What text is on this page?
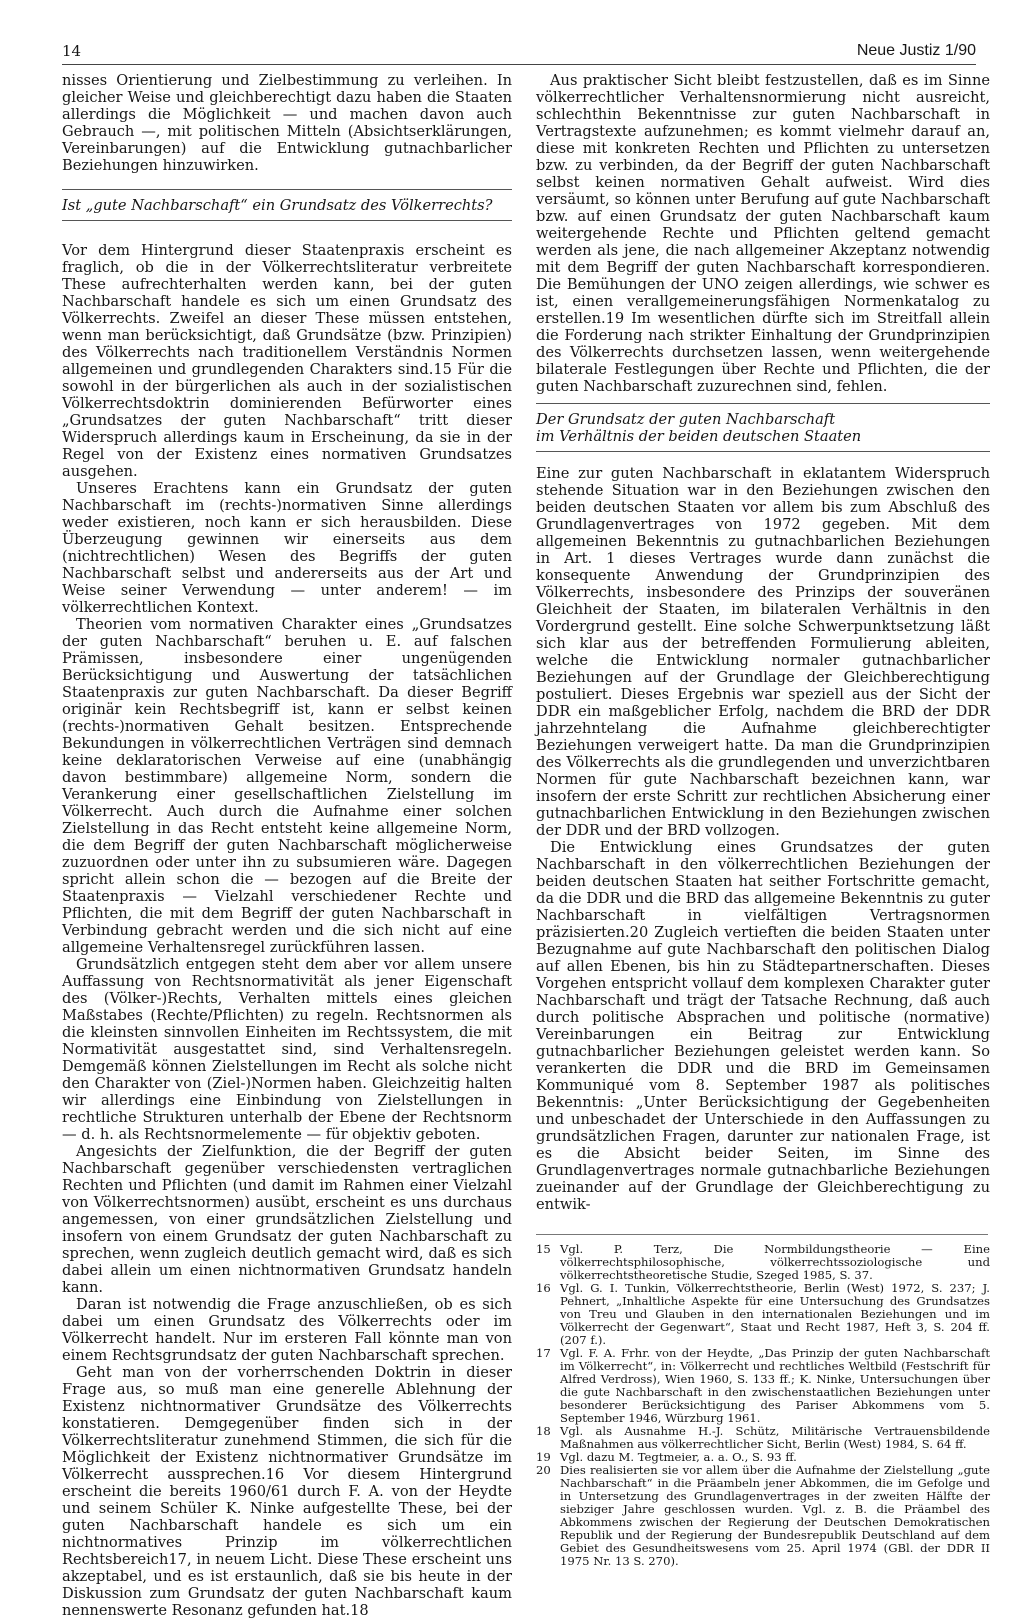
14	Neue Justiz 1/90

nisses Orientierung und Zielbestimmung zu verleihen. In gleicher Weise und gleichberechtigt dazu haben die Staaten allerdings die Möglichkeit — und machen davon auch Gebrauch —, mit politischen Mitteln (Absichtserklärungen, Vereinbarungen) auf die Entwicklung gutnachbarlicher Beziehungen hinzuwirken.

Ist „gute Nachbarschaft“ ein Grundsatz des Völkerrechts?

Vor dem Hintergrund dieser Staatenpraxis erscheint es fraglich, ob die in der Völkerrechtsliteratur verbreitete These aufrechterhalten werden kann, bei der guten Nachbarschaft handele es sich um einen Grundsatz des Völkerrechts. Zweifel an dieser These müssen entstehen, wenn man berücksichtigt, daß Grundsätze (bzw. Prinzipien) des Völkerrechts nach traditionellem Verständnis Normen allgemeinen und grundlegenden Charakters sind.15 Für die sowohl in der bürgerlichen als auch in der sozialistischen Völkerrechtsdoktrin dominierenden Befürworter eines „Grundsatzes der guten Nachbarschaft“ tritt dieser Widerspruch allerdings kaum in Erscheinung, da sie in der Regel von der Existenz eines normativen Grundsatzes ausgehen.

Unseres Erachtens kann ein Grundsatz der guten Nachbarschaft im (rechts-)normativen Sinne allerdings weder existieren, noch kann er sich herausbilden. Diese Überzeugung gewinnen wir einerseits aus dem (nichtrechtlichen) Wesen des Begriffs der guten Nachbarschaft selbst und andererseits aus der Art und Weise seiner Verwendung — unter anderem! — im völkerrechtlichen Kontext.

Theorien vom normativen Charakter eines „Grundsatzes der guten Nachbarschaft“ beruhen u. E. auf falschen Prämissen, insbesondere einer ungenügenden Berücksichtigung und Auswertung der tatsächlichen Staatenpraxis zur guten Nachbarschaft. Da dieser Begriff originär kein Rechtsbegriff ist, kann er selbst keinen (rechts-)normativen Gehalt besitzen. Entsprechende Bekundungen in völkerrechtlichen Verträgen sind demnach keine deklaratorischen Verweise auf eine (unabhängig davon bestimmbare) allgemeine Norm, sondern die Verankerung einer gesellschaftlichen Zielstellung im Völkerrecht. Auch durch die Aufnahme einer solchen Zielstellung in das Recht entsteht keine allgemeine Norm, die dem Begriff der guten Nachbarschaft möglicherweise zuzuordnen oder unter ihn zu subsumieren wäre. Dagegen spricht allein schon die — bezogen auf die Breite der Staatenpraxis — Vielzahl verschiedener Rechte und Pflichten, die mit dem Begriff der guten Nachbarschaft in Verbindung gebracht werden und die sich nicht auf eine allgemeine Verhaltensregel zurückführen lassen.

Grundsätzlich entgegen steht dem aber vor allem unsere Auffassung von Rechtsnormativität als jener Eigenschaft des (Völker-)Rechts, Verhalten mittels eines gleichen Maßstabes (Rechte/Pflichten) zu regeln. Rechtsnormen als die kleinsten sinnvollen Einheiten im Rechtssystem, die mit Normativität ausgestattet sind, sind Verhaltensregeln. Demgemäß können Zielstellungen im Recht als solche nicht den Charakter von (Ziel-)Normen haben. Gleichzeitig halten wir allerdings eine Einbindung von Zielstellungen in rechtliche Strukturen unterhalb der Ebene der Rechtsnorm — d. h. als Rechtsnormelemente — für objektiv geboten.

Angesichts der Zielfunktion, die der Begriff der guten Nachbarschaft gegenüber verschiedensten vertraglichen Rechten und Pflichten (und damit im Rahmen einer Vielzahl von Völkerrechtsnormen) ausübt, erscheint es uns durchaus angemessen, von einer grundsätzlichen Zielstellung und insofern von einem Grundsatz der guten Nachbarschaft zu sprechen, wenn zugleich deutlich gemacht wird, daß es sich dabei allein um einen nichtnormativen Grundsatz handeln kann.

Daran ist notwendig die Frage anzuschließen, ob es sich dabei um einen Grundsatz des Völkerrechts oder im Völkerrecht handelt. Nur im ersteren Fall könnte man von einem Rechtsgrundsatz der guten Nachbarschaft sprechen.

Geht man von der vorherrschenden Doktrin in dieser Frage aus, so muß man eine generelle Ablehnung der Existenz nichtnormativer Grundsätze des Völkerrechts konstatieren. Demgegenüber finden sich in der Völkerrechtsliteratur zunehmend Stimmen, die sich für die Möglichkeit der Existenz nichtnormativer Grundsätze im Völkerrecht aussprechen.16 Vor diesem Hintergrund erscheint die bereits 1960/61 durch F. A. von der Heydte und seinem Schüler K. Ninke aufgestellte These, bei der guten Nachbarschaft handele es sich um ein nichtnormatives Prinzip im völkerrechtlichen Rechtsbereich17, in neuem Licht. Diese These erscheint uns akzeptabel, und es ist erstaunlich, daß sie bis heute in der Diskussion zum Grundsatz der guten Nachbarschaft kaum nennenswerte Resonanz gefunden hat.18

Aus praktischer Sicht bleibt festzustellen, daß es im Sinne völkerrechtlicher Verhaltensnormierung nicht ausreicht, schlechthin Bekenntnisse zur guten Nachbarschaft in Vertragstexte aufzunehmen; es kommt vielmehr darauf an, diese mit konkreten Rechten und Pflichten zu untersetzen bzw. zu verbinden, da der Begriff der guten Nachbarschaft selbst keinen normativen Gehalt aufweist. Wird dies versäumt, so können unter Berufung auf gute Nachbarschaft bzw. auf einen Grundsatz der guten Nachbarschaft kaum weitergehende Rechte und Pflichten geltend gemacht werden als jene, die nach allgemeiner Akzeptanz notwendig mit dem Begriff der guten Nachbarschaft korrespondieren. Die Bemühungen der UNO zeigen allerdings, wie schwer es ist, einen verallgemeinerungsfähigen Normenkatalog zu erstellen.19 Im wesentlichen dürfte sich im Streitfall allein die Forderung nach strikter Einhaltung der Grundprinzipien des Völkerrechts durchsetzen lassen, wenn weitergehende bilaterale Festlegungen über Rechte und Pflichten, die der guten Nachbarschaft zuzurechnen sind, fehlen.

Der Grundsatz der guten Nachbarschaft
im Verhältnis der beiden deutschen Staaten

Eine zur guten Nachbarschaft in eklatantem Widerspruch stehende Situation war in den Beziehungen zwischen den beiden deutschen Staaten vor allem bis zum Abschluß des Grundlagenvertrages von 1972 gegeben. Mit dem allgemeinen Bekenntnis zu gutnachbarlichen Beziehungen in Art. 1 dieses Vertrages wurde dann zunächst die konsequente Anwendung der Grundprinzipien des Völkerrechts, insbesondere des Prinzips der souveränen Gleichheit der Staaten, im bilateralen Verhältnis in den Vordergrund gestellt. Eine solche Schwerpunktsetzung läßt sich klar aus der betreffenden Formulierung ableiten, welche die Entwicklung normaler gutnachbarlicher Beziehungen auf der Grundlage der Gleichberechtigung postuliert. Dieses Ergebnis war speziell aus der Sicht der DDR ein maßgeblicher Erfolg, nachdem die BRD der DDR jahrzehntelang die Aufnahme gleichberechtigter Beziehungen verweigert hatte. Da man die Grundprinzipien des Völkerrechts als die grundlegenden und unverzichtbaren Normen für gute Nachbarschaft bezeichnen kann, war insofern der erste Schritt zur rechtlichen Absicherung einer gutnachbarlichen Entwicklung in den Beziehungen zwischen der DDR und der BRD vollzogen.

Die Entwicklung eines Grundsatzes der guten Nachbarschaft in den völkerrechtlichen Beziehungen der beiden deutschen Staaten hat seither Fortschritte gemacht, da die DDR und die BRD das allgemeine Bekenntnis zu guter Nachbarschaft in vielfältigen Vertragsnormen präzisierten.20 Zugleich vertieften die beiden Staaten unter Bezugnahme auf gute Nachbarschaft den politischen Dialog auf allen Ebenen, bis hin zu Städtepartnerschaften. Dieses Vorgehen entspricht vollauf dem komplexen Charakter guter Nachbarschaft und trägt der Tatsache Rechnung, daß auch durch politische Absprachen und politische (normative) Vereinbarungen ein Beitrag zur Entwicklung gutnachbarlicher Beziehungen geleistet werden kann. So verankerten die DDR und die BRD im Gemeinsamen Kommuniqué vom 8. September 1987 als politisches Bekenntnis: „Unter Berücksichtigung der Gegebenheiten und unbeschadet der Unterschiede in den Auffassungen zu grundsätzlichen Fragen, darunter zur nationalen Frage, ist es die Absicht beider Seiten, im Sinne des Grundlagenvertrages normale gutnachbarliche Beziehungen zueinander auf der Grundlage der Gleichberechtigung zu entwik-

15 Vgl. P. Terz, Die Normbildungstheorie — Eine völkerrechtsphilosophische, völkerrechtssoziologische und völkerrechtstheoretische Studie, Szeged 1985, S. 37.
16 Vgl. G. I. Tunkin, Völkerrechtstheorie, Berlin (West) 1972, S. 237; J. Pehnert, „Inhaltliche Aspekte für eine Untersuchung des Grundsatzes von Treu und Glauben in den internationalen Beziehungen und im Völkerrecht der Gegenwart“, Staat und Recht 1987, Heft 3, S. 204 ff. (207 f.).
17 Vgl. F. A. Frhr. von der Heydte, „Das Prinzip der guten Nachbarschaft im Völkerrecht“, in: Völkerrecht und rechtliches Weltbild (Festschrift für Alfred Verdross), Wien 1960, S. 133 ff.; K. Ninke, Untersuchungen über die gute Nachbarschaft in den zwischenstaatlichen Beziehungen unter besonderer Berücksichtigung des Pariser Abkommens vom 5. September 1946, Würzburg 1961.
18 Vgl. als Ausnahme H.-J. Schütz, Militärische Vertrauensbildende Maßnahmen aus völkerrechtlicher Sicht, Berlin (West) 1984, S. 64 ff.
19 Vgl. dazu M. Tegtmeier, a. a. O., S. 93 ff.
20 Dies realisierten sie vor allem über die Aufnahme der Zielstellung „gute Nachbarschaft“ in die Präambeln jener Abkommen, die im Gefolge und in Untersetzung des Grundlagenvertrages in der zweiten Hälfte der siebziger Jahre geschlossen wurden. Vgl. z. B. die Präambel des Abkommens zwischen der Regierung der Deutschen Demokratischen Republik und der Regierung der Bundesrepublik Deutschland auf dem Gebiet des Gesundheitswesens vom 25. April 1974 (GBl. der DDR II 1975 Nr. 13 S. 270).
